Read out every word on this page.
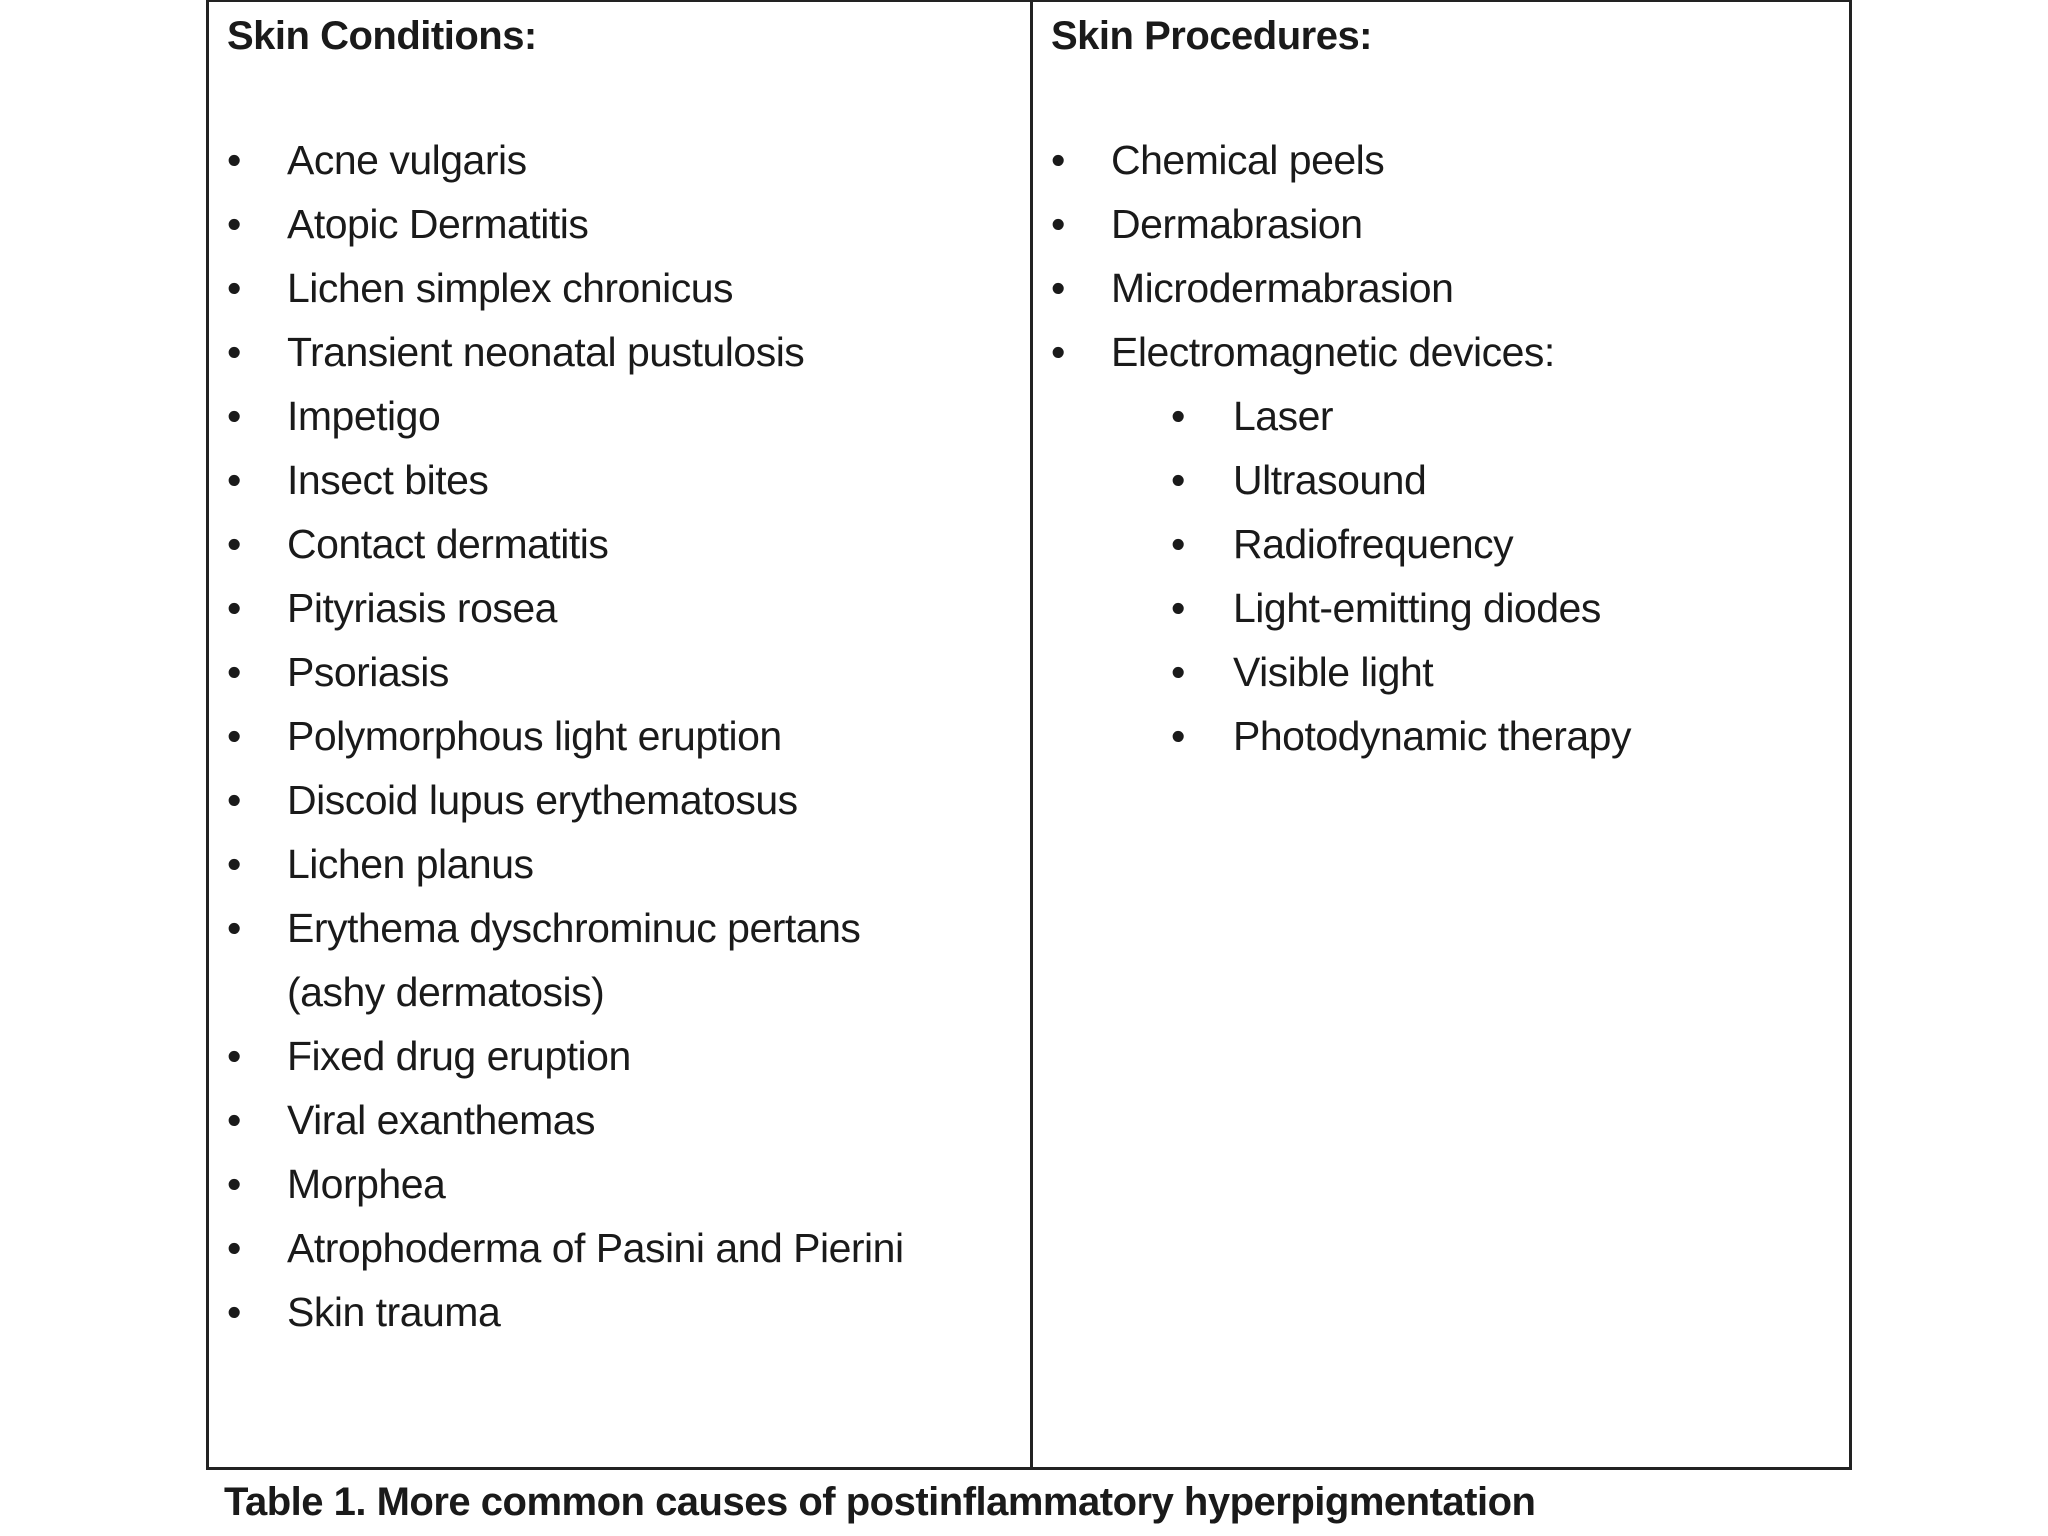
Skin Conditions:
• Acne vulgaris
• Atopic Dermatitis
• Lichen simplex chronicus
• Transient neonatal pustulosis
• Impetigo
• Insect bites
• Contact dermatitis
• Pityriasis rosea
• Psoriasis
• Polymorphous light eruption
• Discoid lupus erythematosus
• Lichen planus
• Erythema dyschrominuc pertans (ashy dermatosis)
• Fixed drug eruption
• Viral exanthemas
• Morphea
• Atrophoderma of Pasini and Pierini
• Skin trauma
Skin Procedures:
• Chemical peels
• Dermabrasion
• Microdermabrasion
• Electromagnetic devices:
• Laser
• Ultrasound
• Radiofrequency
• Light-emitting diodes
• Visible light
• Photodynamic therapy
Table 1. More common causes of postinflammatory hyperpigmentation
